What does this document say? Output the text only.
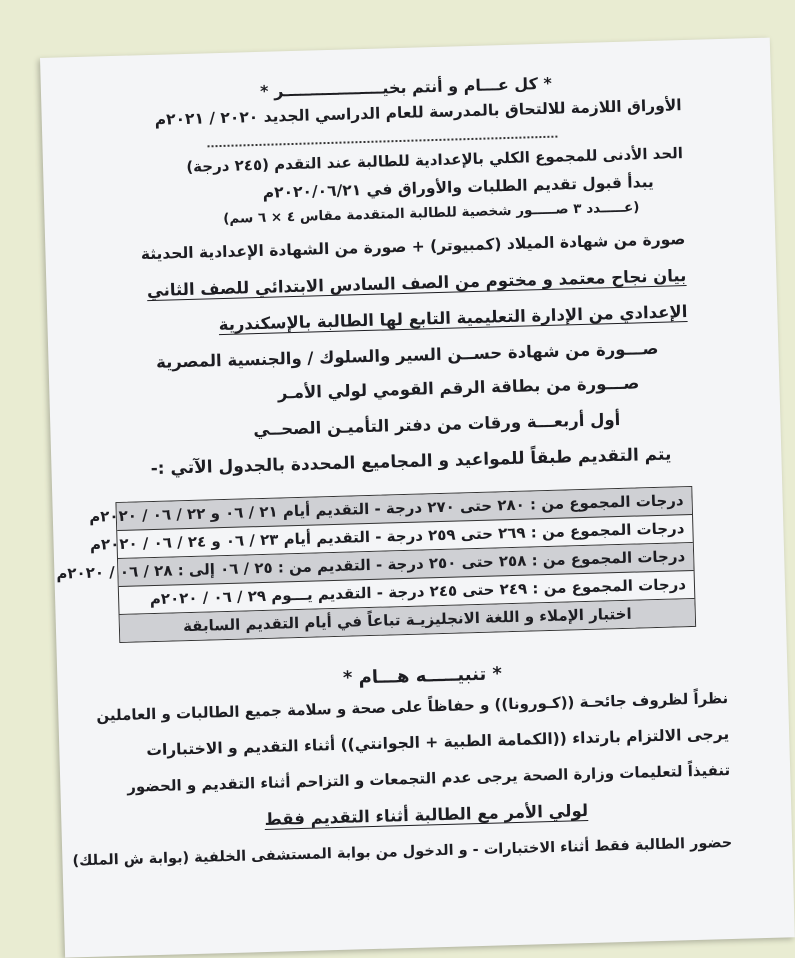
* كل عـــام و أنتم بخيــــــــــــــــــر *
الأوراق اللازمة للالتحاق بالمدرسة للعام الدراسي الجديد ٢٠٢٠ / ٢٠٢١م
الحد الأدنى للمجموع الكلي بالإعدادية للطالبة عند التقدم (٢٤٥ درجة)
يبدأ قبول تقديم الطلبات والأوراق في ٢٠٢٠/٠٦/٢١م
(عـــــدد ٣ صـــــور شخصية للطالبة المتقدمة مقاس ٤ × ٦ سم)
صورة من شهادة الميلاد (كمبيوتر) + صورة من الشهادة الإعدادية الحديثة
بيان نجاح معتمد و مختوم من الصف السادس الابتدائي للصف الثاني
الإعدادي من الإدارة التعليمية التابع لها الطالبة بالإسكندرية
صـــورة من شهادة حســن السير والسلوك / والجنسية المصرية
صـــورة من بطاقة الرقم القومي لولي الأمـر
أول أربعـــة ورقات من دفتر التأميـن الصحــي
يتم التقديم طبقاً للمواعيد و المجاميع المحددة بالجدول الآتي :-
درجات المجموع من : ٢٨٠ حتى ٢٧٠ درجة - التقديم أيام ٢١ / ٠٦ و ٢٢ / ٠٦ / ٢٠٢٠م
درجات المجموع من : ٢٦٩ حتى ٢٥٩ درجة - التقديم أيام ٢٣ / ٠٦ و ٢٤ / ٠٦ / ٢٠٢٠م
درجات المجموع من : ٢٥٨ حتى ٢٥٠ درجة - التقديم من : ٢٥ / ٠٦ إلى : ٢٨ / ٠٦ / ٢٠٢٠م
درجات المجموع من : ٢٤٩ حتى ٢٤٥ درجة - التقديم يـــوم ٢٩ / ٠٦ / ٢٠٢٠م
اختبار الإملاء و اللغة الانجليزيـة تباعاً في أيام التقديم السابقة
* تنبيـــــه هـــام *
نظراً لظروف جائحـة ((كـورونا)) و حفاظاً على صحة و سلامة جميع الطالبات و العاملين
يرجى الالتزام بارتداء ((الكمامة الطبية + الجوانتي)) أثناء التقديم و الاختبارات
تنفيذاً لتعليمات وزارة الصحة يرجى عدم التجمعات و التزاحم أثناء التقديم و الحضور
لولي الأمر مع الطالبة أثناء التقديم فقط
حضور الطالبة فقط أثناء الاختبارات - و الدخول من بوابة المستشفى الخلفية (بوابة ش الملك)
